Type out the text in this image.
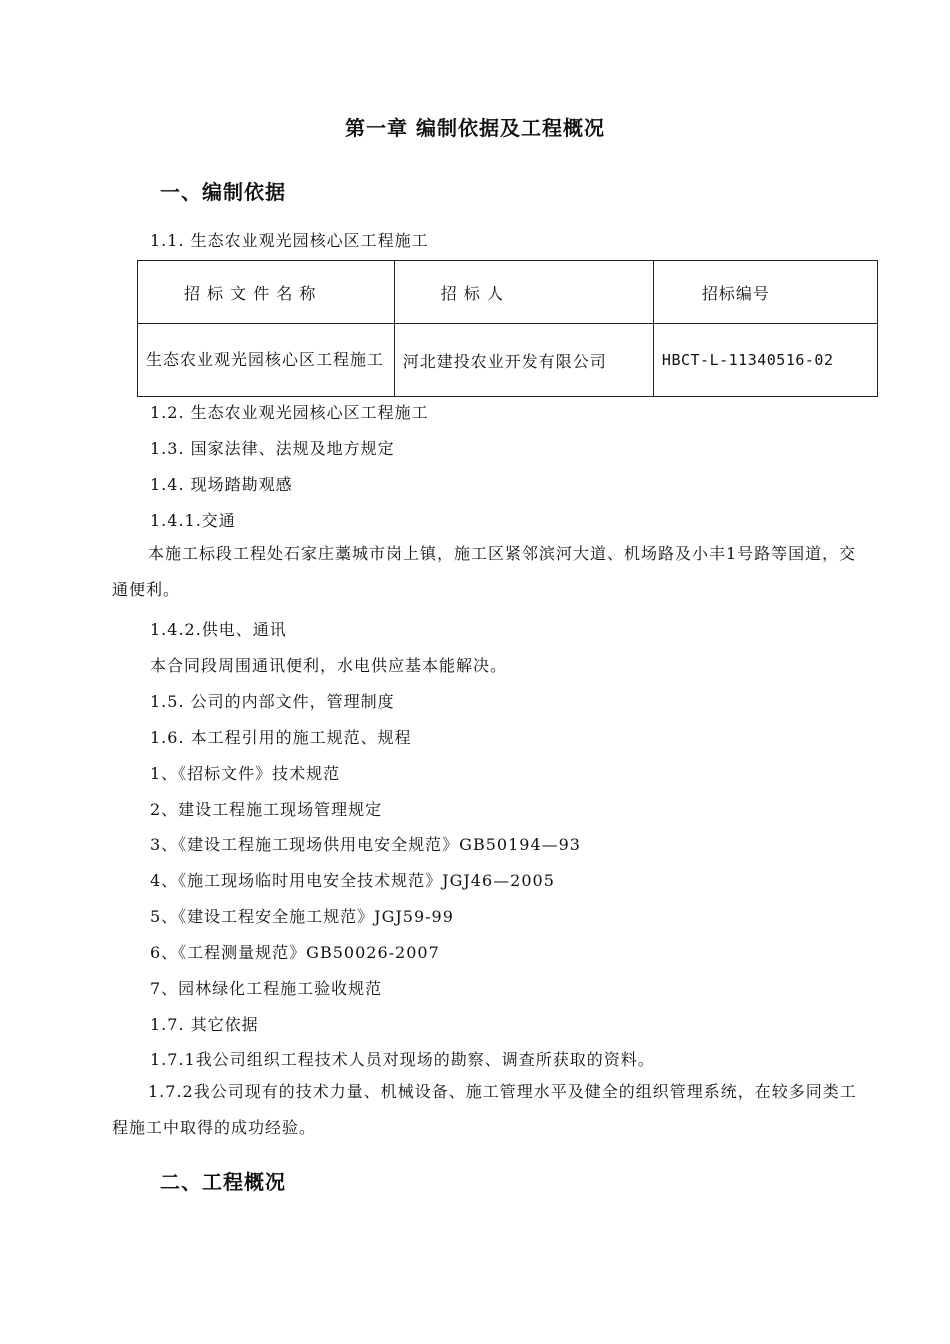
第一章 编制依据及工程概况
一、编制依据
1.1. 生态农业观光园核心区工程施工
招 标 文 件 名 称	招 标 人	招标编号
生态农业观光园核心区工程施工	河北建投农业开发有限公司	HBCT-L-11340516-02
1.2. 生态农业观光园核心区工程施工
1.3. 国家法律、法规及地方规定
1.4. 现场踏勘观感
1.4.1.交通
本施工标段工程处石家庄藁城市岗上镇，施工区紧邻滨河大道、机场路及小丰1号路等国道，交通便利。
1.4.2.供电、通讯
本合同段周围通讯便利，水电供应基本能解决。
1.5. 公司的内部文件，管理制度
1.6. 本工程引用的施工规范、规程
1、《招标文件》技术规范
2、建设工程施工现场管理规定
3、《建设工程施工现场供用电安全规范》GB50194—93
4、《施工现场临时用电安全技术规范》JGJ46—2005
5、《建设工程安全施工规范》JGJ59-99
6、《工程测量规范》GB50026-2007
7、园林绿化工程施工验收规范
1.7. 其它依据
1.7.1我公司组织工程技术人员对现场的勘察、调查所获取的资料。
1.7.2我公司现有的技术力量、机械设备、施工管理水平及健全的组织管理系统，在较多同类工程施工中取得的成功经验。
二、工程概况
